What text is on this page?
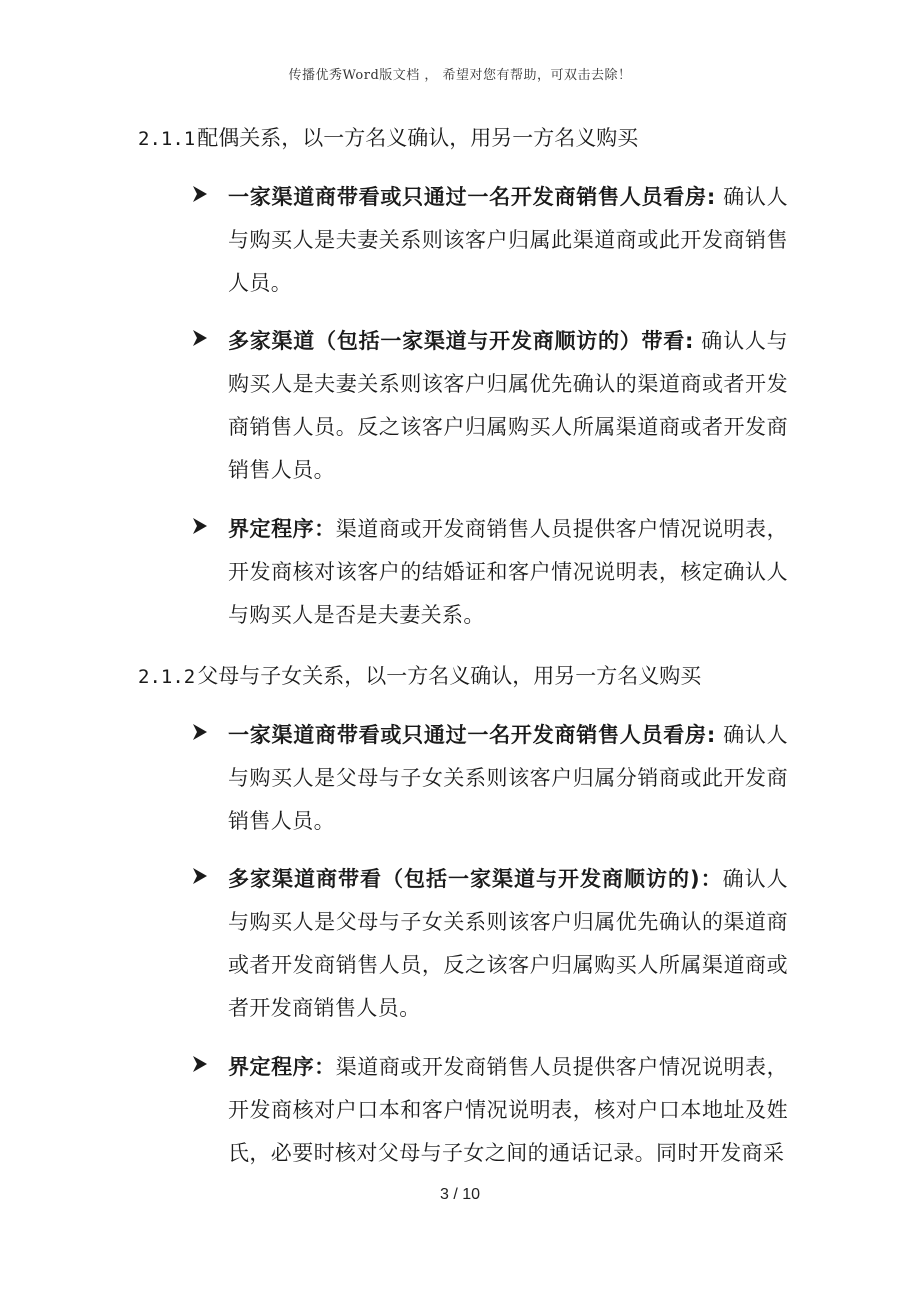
传播优秀Word版文档 ， 希望对您有帮助，可双击去除！
2.1.1配偶关系，以一方名义确认，用另一方名义购买
一家渠道商带看或只通过一名开发商销售人员看房: 确认人与购买人是夫妻关系则该客户归属此渠道商或此开发商销售人员。
多家渠道（包括一家渠道与开发商顺访的）带看: 确认人与购买人是夫妻关系则该客户归属优先确认的渠道商或者开发商销售人员。反之该客户归属购买人所属渠道商或者开发商销售人员。
界定程序：渠道商或开发商销售人员提供客户情况说明表，开发商核对该客户的结婚证和客户情况说明表，核定确认人与购买人是否是夫妻关系。
2.1.2父母与子女关系，以一方名义确认，用另一方名义购买
一家渠道商带看或只通过一名开发商销售人员看房: 确认人与购买人是父母与子女关系则该客户归属分销商或此开发商销售人员。
多家渠道商带看（包括一家渠道与开发商顺访的)：确认人与购买人是父母与子女关系则该客户归属优先确认的渠道商或者开发商销售人员，反之该客户归属购买人所属渠道商或者开发商销售人员。
界定程序：渠道商或开发商销售人员提供客户情况说明表，开发商核对户口本和客户情况说明表，核对户口本地址及姓氏，必要时核对父母与子女之间的通话记录。同时开发商采
3 / 10
